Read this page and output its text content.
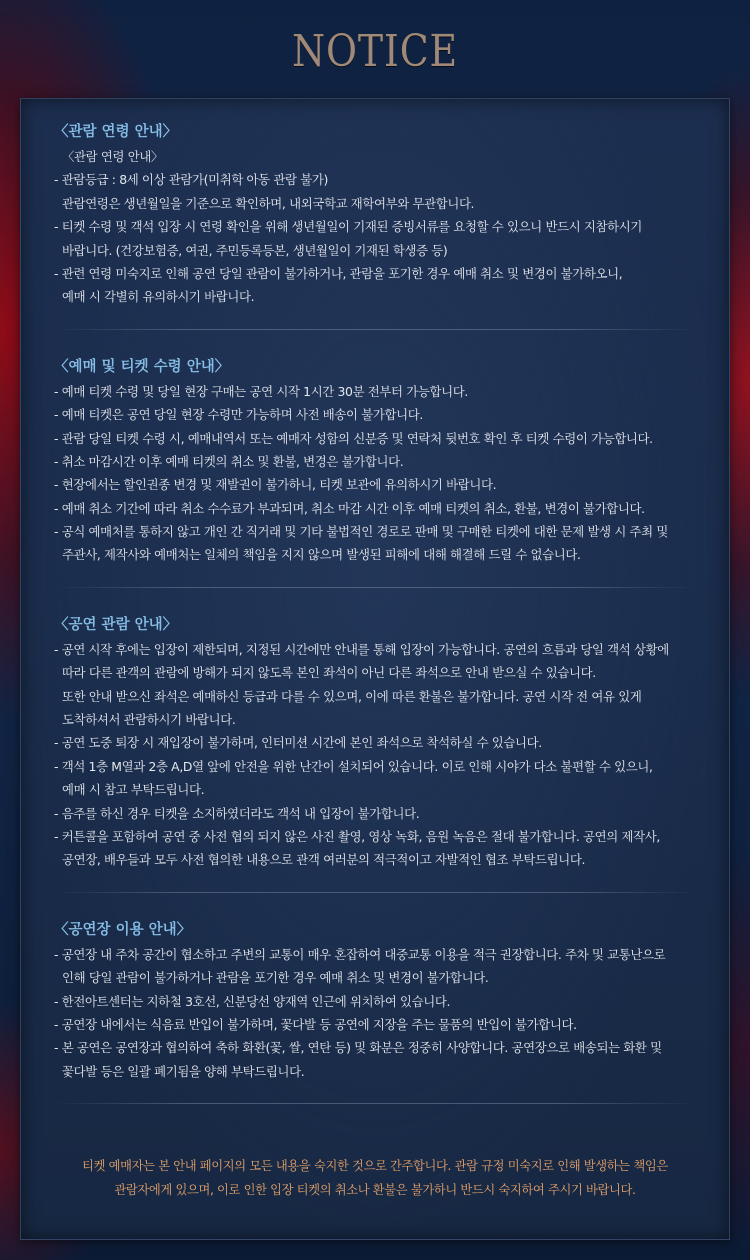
NOTICE
〈관람 연령 안내〉
〈관람 연령 안내〉
- 관람등급 : 8세 이상 관람가(미취학 아동 관람 불가)
관람연령은 생년월일을 기준으로 확인하며, 내외국학교 재학여부와 무관합니다.
- 티켓 수령 및 객석 입장 시 연령 확인을 위해 생년월일이 기재된 증빙서류를 요청할 수 있으니 반드시 지참하시기
바랍니다. (건강보험증, 여권, 주민등록등본, 생년월일이 기재된 학생증 등)
- 관련 연령 미숙지로 인해 공연 당일 관람이 불가하거나, 관람을 포기한 경우 예매 취소 및 변경이 불가하오니,
예매 시 각별히 유의하시기 바랍니다.
〈예매 및 티켓 수령 안내〉
- 예매 티켓 수령 및 당일 현장 구매는 공연 시작 1시간 30분 전부터 가능합니다.
- 예매 티켓은 공연 당일 현장 수령만 가능하며 사전 배송이 불가합니다.
- 관람 당일 티켓 수령 시, 예매내역서 또는 예매자 성함의 신분증 및 연락처 뒷번호 확인 후 티켓 수령이 가능합니다.
- 취소 마감시간 이후 예매 티켓의 취소 및 환불, 변경은 불가합니다.
- 현장에서는 할인권종 변경 및 재발권이 불가하니, 티켓 보관에 유의하시기 바랍니다.
- 예매 취소 기간에 따라 취소 수수료가 부과되며, 취소 마감 시간 이후 예매 티켓의 취소, 환불, 변경이 불가합니다.
- 공식 예매처를 통하지 않고 개인 간 직거래 및 기타 불법적인 경로로 판매 및 구매한 티켓에 대한 문제 발생 시 주최 및
주관사, 제작사와 예매처는 일체의 책임을 지지 않으며 발생된 피해에 대해 해결해 드릴 수 없습니다.
〈공연 관람 안내〉
- 공연 시작 후에는 입장이 제한되며, 지정된 시간에만 안내를 통해 입장이 가능합니다. 공연의 흐름과 당일 객석 상황에
따라 다른 관객의 관람에 방해가 되지 않도록 본인 좌석이 아닌 다른 좌석으로 안내 받으실 수 있습니다.
또한 안내 받으신 좌석은 예매하신 등급과 다를 수 있으며, 이에 따른 환불은 불가합니다. 공연 시작 전 여유 있게
도착하셔서 관람하시기 바랍니다.
- 공연 도중 퇴장 시 재입장이 불가하며, 인터미션 시간에 본인 좌석으로 착석하실 수 있습니다.
- 객석 1층 M열과 2층 A,D열 앞에 안전을 위한 난간이 설치되어 있습니다. 이로 인해 시야가 다소 불편할 수 있으니,
예매 시 참고 부탁드립니다.
- 음주를 하신 경우 티켓을 소지하였더라도 객석 내 입장이 불가합니다.
- 커튼콜을 포함하여 공연 중 사전 협의 되지 않은 사진 촬영, 영상 녹화, 음원 녹음은 절대 불가합니다. 공연의 제작사,
공연장, 배우들과 모두 사전 협의한 내용으로 관객 여러분의 적극적이고 자발적인 협조 부탁드립니다.
〈공연장 이용 안내〉
- 공연장 내 주차 공간이 협소하고 주변의 교통이 매우 혼잡하여 대중교통 이용을 적극 권장합니다. 주차 및 교통난으로
인해 당일 관람이 불가하거나 관람을 포기한 경우 예매 취소 및 변경이 불가합니다.
- 한전아트센터는 지하철 3호선, 신분당선 양재역 인근에 위치하여 있습니다.
- 공연장 내에서는 식음료 반입이 불가하며, 꽃다발 등 공연에 지장을 주는 물품의 반입이 불가합니다.
- 본 공연은 공연장과 협의하여 축하 화환(꽃, 쌀, 연탄 등) 및 화분은 정중히 사양합니다. 공연장으로 배송되는 화환 및
꽃다발 등은 일괄 폐기됨을 양해 부탁드립니다.
티켓 예매자는 본 안내 페이지의 모든 내용을 숙지한 것으로 간주합니다. 관람 규정 미숙지로 인해 발생하는 책임은
관람자에게 있으며, 이로 인한 입장 티켓의 취소나 환불은 불가하니 반드시 숙지하여 주시기 바랍니다.
